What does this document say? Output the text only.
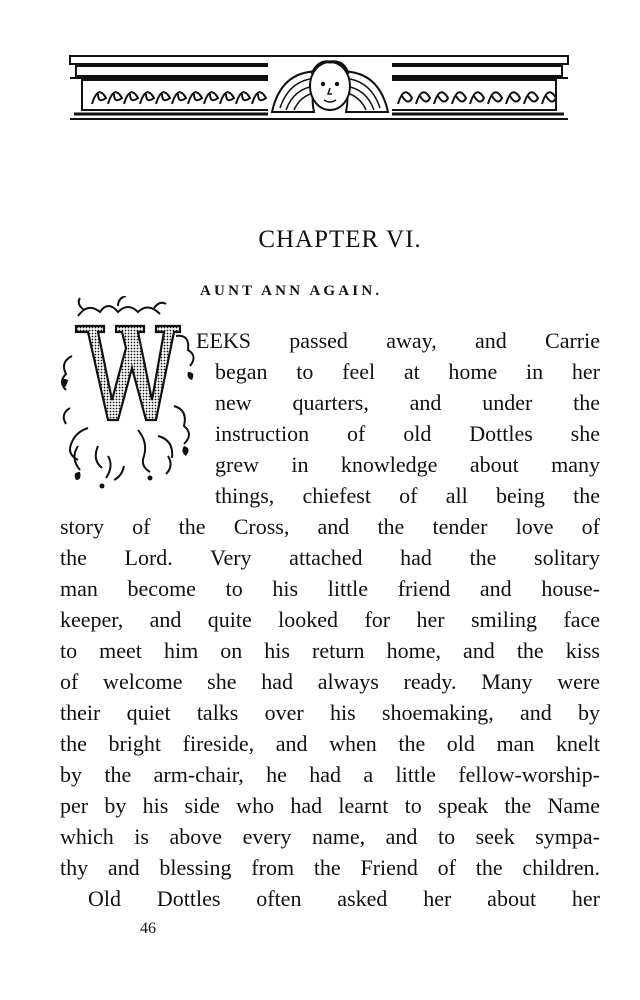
CHAPTER VI.
AUNT ANN AGAIN.
EEKS passed away, and Carrie
began to feel at home in her
new quarters, and under the
instruction of old Dottles she
grew in knowledge about many
things, chiefest of all being the
story of the Cross, and the tender love of
the Lord. Very attached had the solitary
man become to his little friend and house-
keeper, and quite looked for her smiling face
to meet him on his return home, and the kiss
of welcome she had always ready. Many were
their quiet talks over his shoemaking, and by
the bright fireside, and when the old man knelt
by the arm-chair, he had a little fellow-worship-
per by his side who had learnt to speak the Name
which is above every name, and to seek sympa-
thy and blessing from the Friend of the children.
Old Dottles often asked her about her
46
